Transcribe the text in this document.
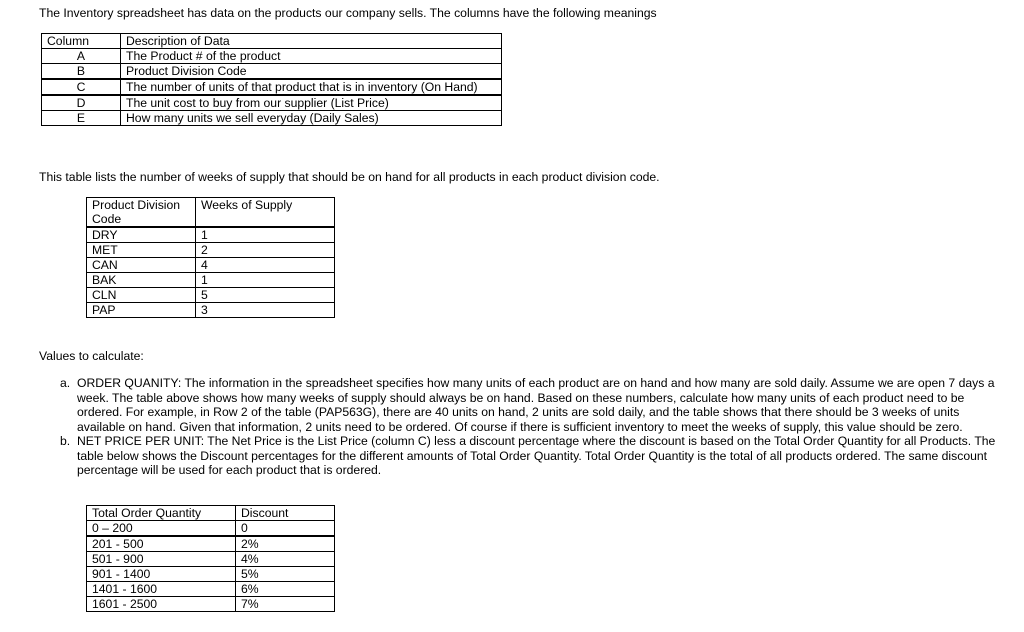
The Inventory spreadsheet has data on the products our company sells. The columns have the following meanings

Column	Description of Data
A	The Product # of the product
B	Product Division Code
C	The number of units of that product that is in inventory (On Hand)
D	The unit cost to buy from our supplier (List Price)
E	How many units we sell everyday (Daily Sales)

This table lists the number of weeks of supply that should be on hand for all products in each product division code.

Product Division Code	Weeks of Supply
DRY	1
MET	2
CAN	4
BAK	1
CLN	5
PAP	3

Values to calculate:

a. ORDER QUANITY: The information in the spreadsheet specifies how many units of each product are on hand and how many are sold daily. Assume we are open 7 days a week. The table above shows how many weeks of supply should always be on hand. Based on these numbers, calculate how many units of each product need to be ordered. For example, in Row 2 of the table (PAP563G), there are 40 units on hand, 2 units are sold daily, and the table shows that there should be 3 weeks of units available on hand. Given that information, 2 units need to be ordered. Of course if there is sufficient inventory to meet the weeks of supply, this value should be zero.
b. NET PRICE PER UNIT: The Net Price is the List Price (column C) less a discount percentage where the discount is based on the Total Order Quantity for all Products. The table below shows the Discount percentages for the different amounts of Total Order Quantity. Total Order Quantity is the total of all products ordered. The same discount percentage will be used for each product that is ordered.
Total Order Quantity	Discount
0 – 200	0
201 - 500	2%
501 - 900	4%
901 - 1400	5%
1401 - 1600	6%
1601 - 2500	7%
